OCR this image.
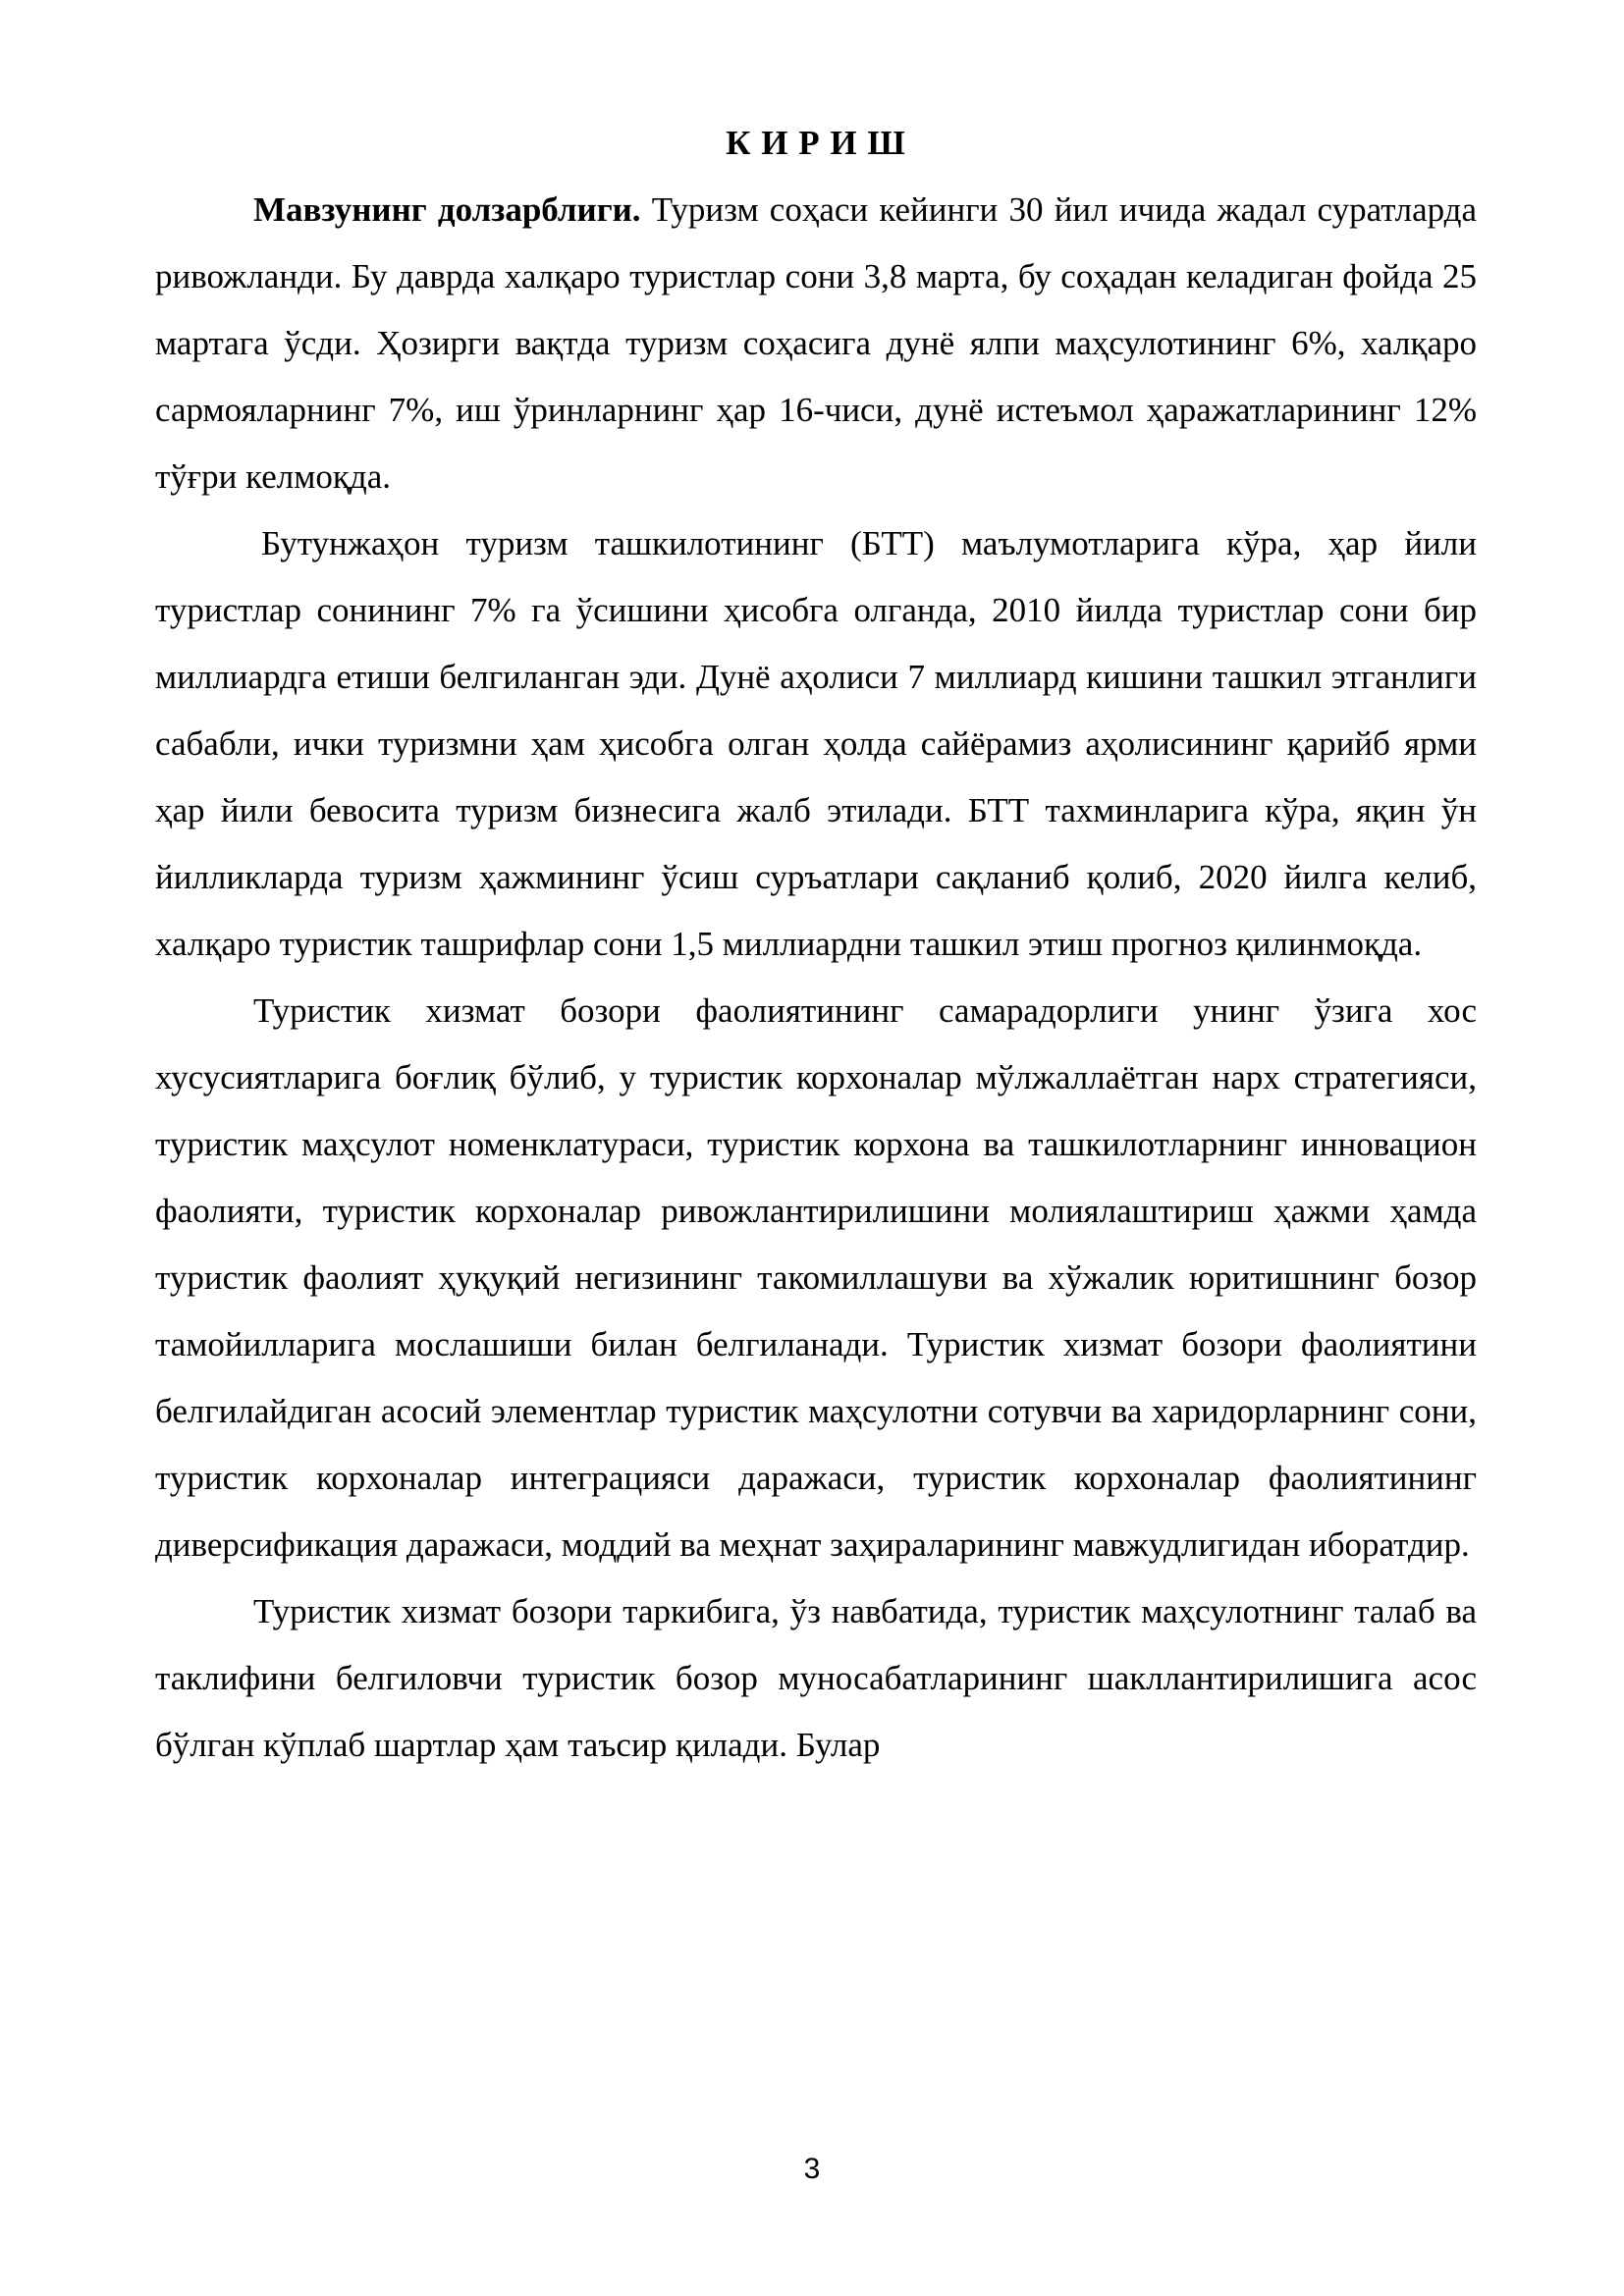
К И Р И Ш

Мавзунинг долзарблиги. Туризм соҳаси кейинги 30 йил ичида жадал суратларда ривожланди. Бу даврда халқаро туристлар сони 3,8 марта, бу соҳадан келадиган фойда 25 мартага ўсди. Ҳозирги вақтда туризм соҳасига дунё ялпи маҳсулотининг 6%, халқаро сармояларнинг 7%, иш ўринларнинг ҳар 16-чиси, дунё истеъмол ҳаражатларининг 12% тўғри келмоқда.

Бутунжаҳон туризм ташкилотининг (БТТ) маълумотларига кўра, ҳар йили туристлар сонининг 7% га ўсишини ҳисобга олганда, 2010 йилда туристлар сони бир миллиардга етиши белгиланган эди. Дунё аҳолиси 7 миллиард кишини ташкил этганлиги сабабли, ички туризмни ҳам ҳисобга олган ҳолда сайёрамиз аҳолисининг қарийб ярми ҳар йили бевосита туризм бизнесига жалб этилади. БТТ тахминларига кўра, яқин ўн йилликларда туризм ҳажмининг ўсиш суръатлари сақланиб қолиб, 2020 йилга келиб, халқаро туристик ташрифлар сони 1,5 миллиардни ташкил этиш прогноз қилинмоқда.

Туристик хизмат бозори фаолиятининг самарадорлиги унинг ўзига хос хусусиятларига боғлиқ бўлиб, у туристик корхоналар мўлжаллаётган нарх стратегияси, туристик маҳсулот номенклатураси, туристик корхона ва ташкилотларнинг инновацион фаолияти, туристик корхоналар ривожлантирилишини молиялаштириш ҳажми ҳамда туристик фаолият ҳуқуқий негизининг такомиллашуви ва хўжалик юритишнинг бозор тамойилларига мослашиши билан белгиланади. Туристик хизмат бозори фаолиятини белгилайдиган асосий элементлар туристик маҳсулотни сотувчи ва харидорларнинг сони, туристик корхоналар интеграцияси даражаси, туристик корхоналар фаолиятининг диверсификация даражаси, моддий ва меҳнат заҳираларининг мавжудлигидан иборатдир.

Туристик хизмат бозори таркибига, ўз навбатида, туристик маҳсулотнинг талаб ва таклифини белгиловчи туристик бозор муносабатларининг шакллантирилишига асос бўлган кўплаб шартлар ҳам таъсир қилади. Булар

3
